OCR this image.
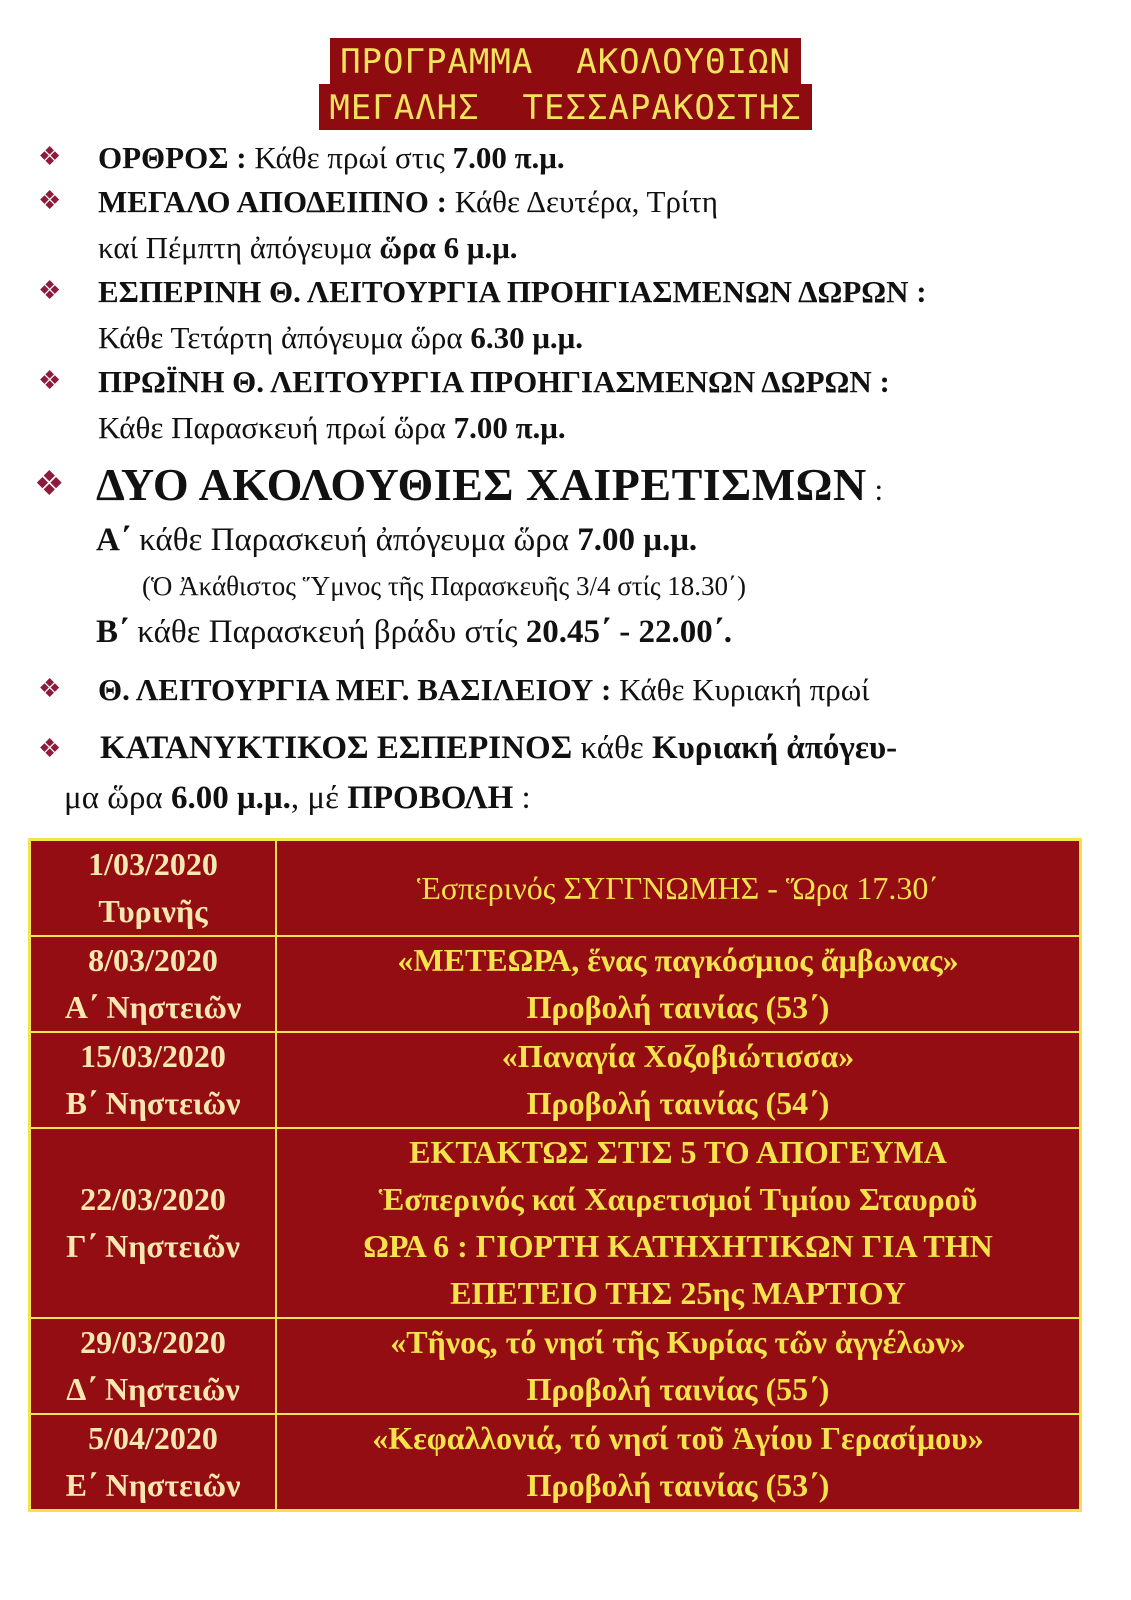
ΠΡΟΓΡΑΜΜΑ  ΑΚΟΛΟΥΘΙΩΝ
ΜΕΓΑΛΗΣ  ΤΕΣΣΑΡΑΚΟΣΤΗΣ
❖ ΟΡΘΡΟΣ : Κάθε πρωί στις 7.00 π.μ.
❖ ΜΕΓΑΛΟ ΑΠΟΔΕΙΠΝΟ : Κάθε Δευτέρα, Τρίτη
καί Πέμπτη ἀπόγευμα ὥρα 6 μ.μ.
❖ ΕΣΠΕΡΙΝΗ Θ. ΛΕΙΤΟΥΡΓΙΑ ΠΡΟΗΓΙΑΣΜΕΝΩΝ ΔΩΡΩΝ :
Κάθε Τετάρτη ἀπόγευμα ὥρα 6.30 μ.μ.
❖ ΠΡΩΪΝΗ Θ. ΛΕΙΤΟΥΡΓΙΑ ΠΡΟΗΓΙΑΣΜΕΝΩΝ ΔΩΡΩΝ :
Κάθε Παρασκευή πρωί ὥρα 7.00 π.μ.
❖ ΔΥΟ ΑΚΟΛΟΥΘΙΕΣ ΧΑΙΡΕΤΙΣΜΩΝ :
Α΄ κάθε Παρασκευή ἀπόγευμα ὥρα 7.00 μ.μ.
(Ὁ Ἀκάθιστος Ὕμνος τῆς Παρασκευῆς 3/4 στίς 18.30΄)
Β΄ κάθε Παρασκευή βράδυ στίς 20.45΄ - 22.00΄.
❖ Θ. ΛΕΙΤΟΥΡΓΙΑ ΜΕΓ. ΒΑΣΙΛΕΙΟΥ : Κάθε Κυριακή πρωί
❖ ΚΑΤΑΝΥΚΤΙΚΟΣ ΕΣΠΕΡΙΝΟΣ κάθε Κυριακή ἀπόγευ-
μα ὥρα 6.00 μ.μ., μέ ΠΡΟΒΟΛΗ :
1/03/2020
Τυρινῆς	Ἑσπερινός ΣΥΓΓΝΩΜΗΣ - Ὥρα 17.30΄

8/03/2020
Α΄ Νηστειῶν	«ΜΕΤΕΩΡΑ, ἕνας παγκόσμιος ἄμβωνας»
Προβολή ταινίας (53΄)

15/03/2020
Β΄ Νηστειῶν	«Παναγία Χοζοβιώτισσα»
Προβολή ταινίας (54΄)

22/03/2020
Γ΄ Νηστειῶν	ΕΚΤΑΚΤΩΣ ΣΤΙΣ 5 ΤΟ ΑΠΟΓΕΥΜΑ
Ἑσπερινός καί Χαιρετισμοί Τιμίου Σταυροῦ
ΩΡΑ 6 : ΓΙΟΡΤΗ ΚΑΤΗΧΗΤΙΚΩΝ ΓΙΑ ΤΗΝ
ΕΠΕΤΕΙΟ ΤΗΣ 25ης ΜΑΡΤΙΟΥ

29/03/2020
Δ΄ Νηστειῶν	«Τῆνος, τό νησί τῆς Κυρίας τῶν ἀγγέλων»
Προβολή ταινίας (55΄)

5/04/2020
Ε΄ Νηστειῶν	«Κεφαλλονιά, τό νησί τοῦ Ἁγίου Γερασίμου»
Προβολή ταινίας (53΄)
